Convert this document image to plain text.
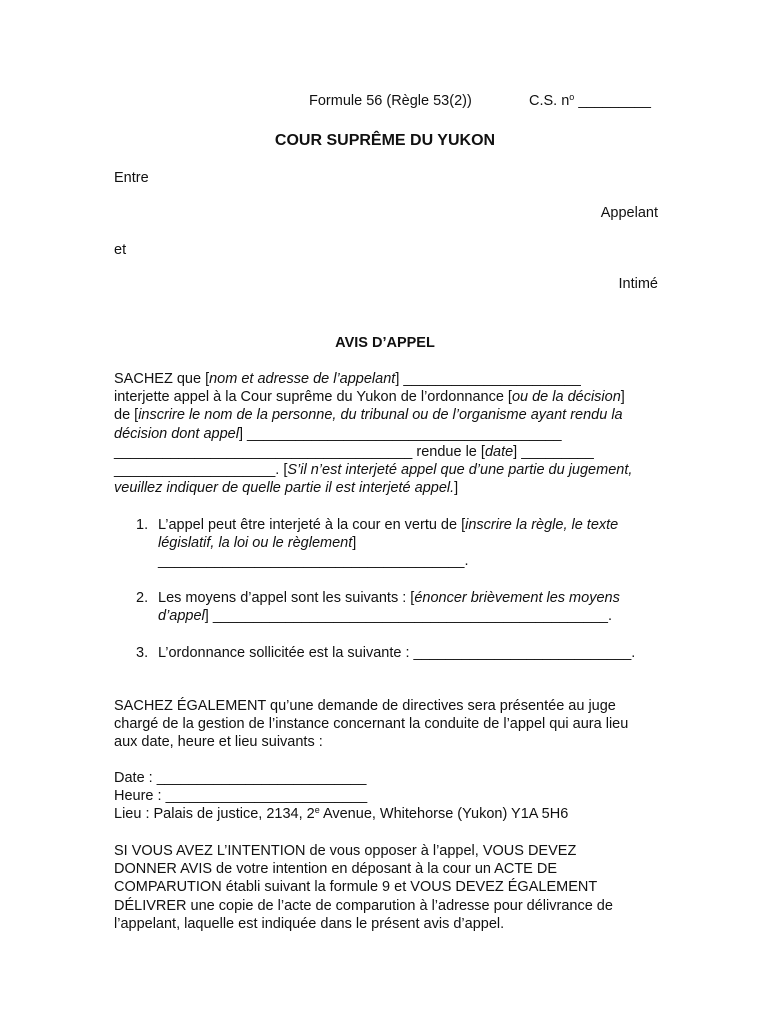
Formule 56 (Règle 53(2))	C.S. $n^o$ _________
COUR SUPRÊME DU YUKON
Entre
Appelant
et
Intimé
AVIS D’APPEL
SACHEZ que [nom et adresse de l’appelant] ______________________
interjette appel à la Cour suprême du Yukon de l’ordonnance [ou de la décision]
de [inscrire le nom de la personne, du tribunal ou de l’organisme ayant rendu la
décision dont appel] _______________________________________
_____________________________________ rendue le [date] _________
____________________. [S’il n’est interjeté appel que d’une partie du jugement,
veuillez indiquer de quelle partie il est interjeté appel.]
1. L’appel peut être interjeté à la cour en vertu de [inscrire la règle, le texte
législatif, la loi ou le règlement]
______________________________________.
2. Les moyens d’appel sont les suivants : [énoncer brièvement les moyens
d’appel] _________________________________________________.
3. L’ordonnance sollicitée est la suivante : ___________________________.
SACHEZ ÉGALEMENT qu’une demande de directives sera présentée au juge
chargé de la gestion de l’instance concernant la conduite de l’appel qui aura lieu
aux date, heure et lieu suivants :
Date : __________________________
Heure : _________________________
Lieu : Palais de justice, 2134, 2e Avenue, Whitehorse (Yukon) Y1A 5H6
SI VOUS AVEZ L’INTENTION de vous opposer à l’appel, VOUS DEVEZ
DONNER AVIS de votre intention en déposant à la cour un ACTE DE
COMPARUTION établi suivant la formule 9 et VOUS DEVEZ ÉGALEMENT
DÉLIVRER une copie de l’acte de comparution à l’adresse pour délivrance de
l’appelant, laquelle est indiquée dans le présent avis d’appel.
